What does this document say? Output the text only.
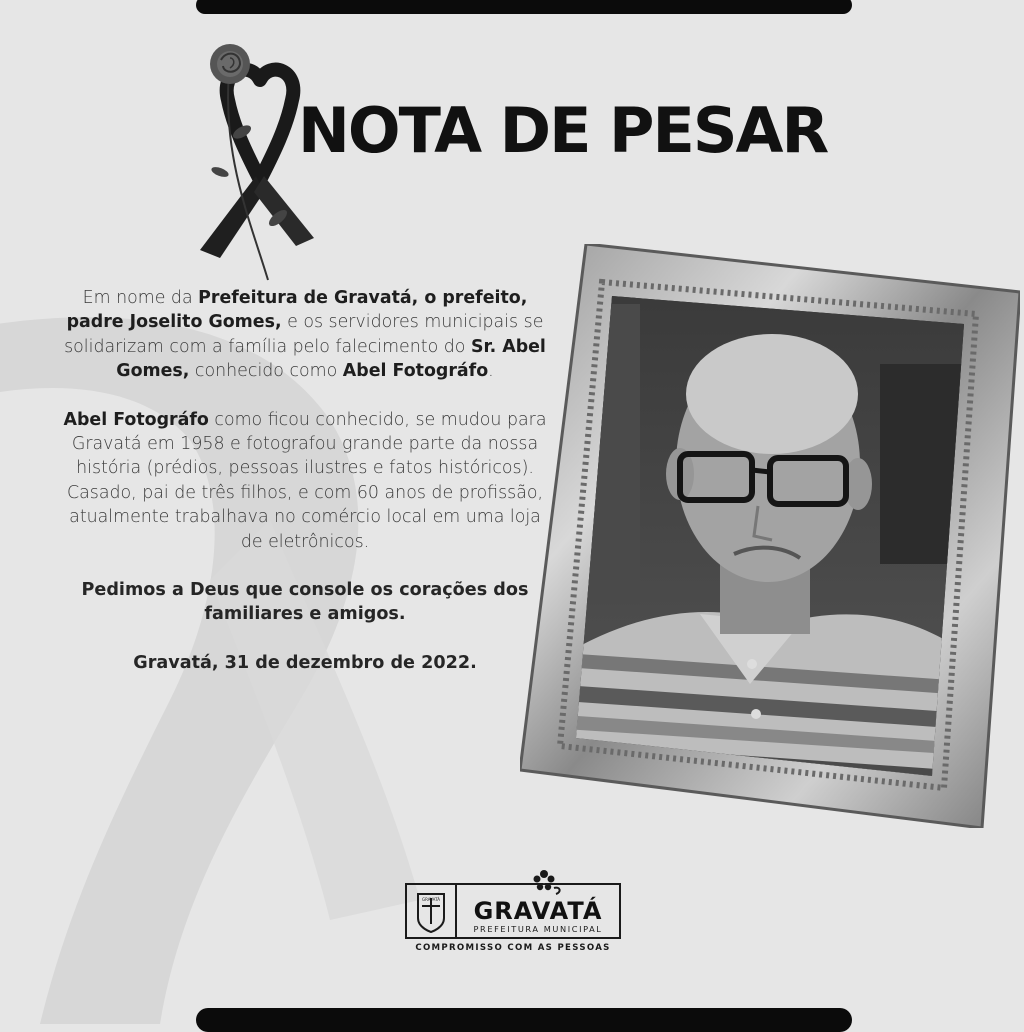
NOTA DE PESAR

Em nome da Prefeitura de Gravatá, o prefeito, padre Joselito Gomes, e os servidores municipais se solidarizam com a família pelo falecimento do Sr. Abel Gomes, conhecido como Abel Fotográfo.

Abel Fotográfo como ficou conhecido, se mudou para Gravatá em 1958 e fotografou grande parte da nossa história (prédios, pessoas ilustres e fatos históricos). Casado, pai de três filhos, e com 60 anos de profissão, atualmente trabalhava no comércio local em uma loja de eletrônicos.

Pedimos a Deus que console os corações dos familiares e amigos.

Gravatá, 31 de dezembro de 2022.

GRAVATÁ GRAVATÁ
PREFEITURA MUNICIPAL
COMPROMISSO COM AS PESSOAS
